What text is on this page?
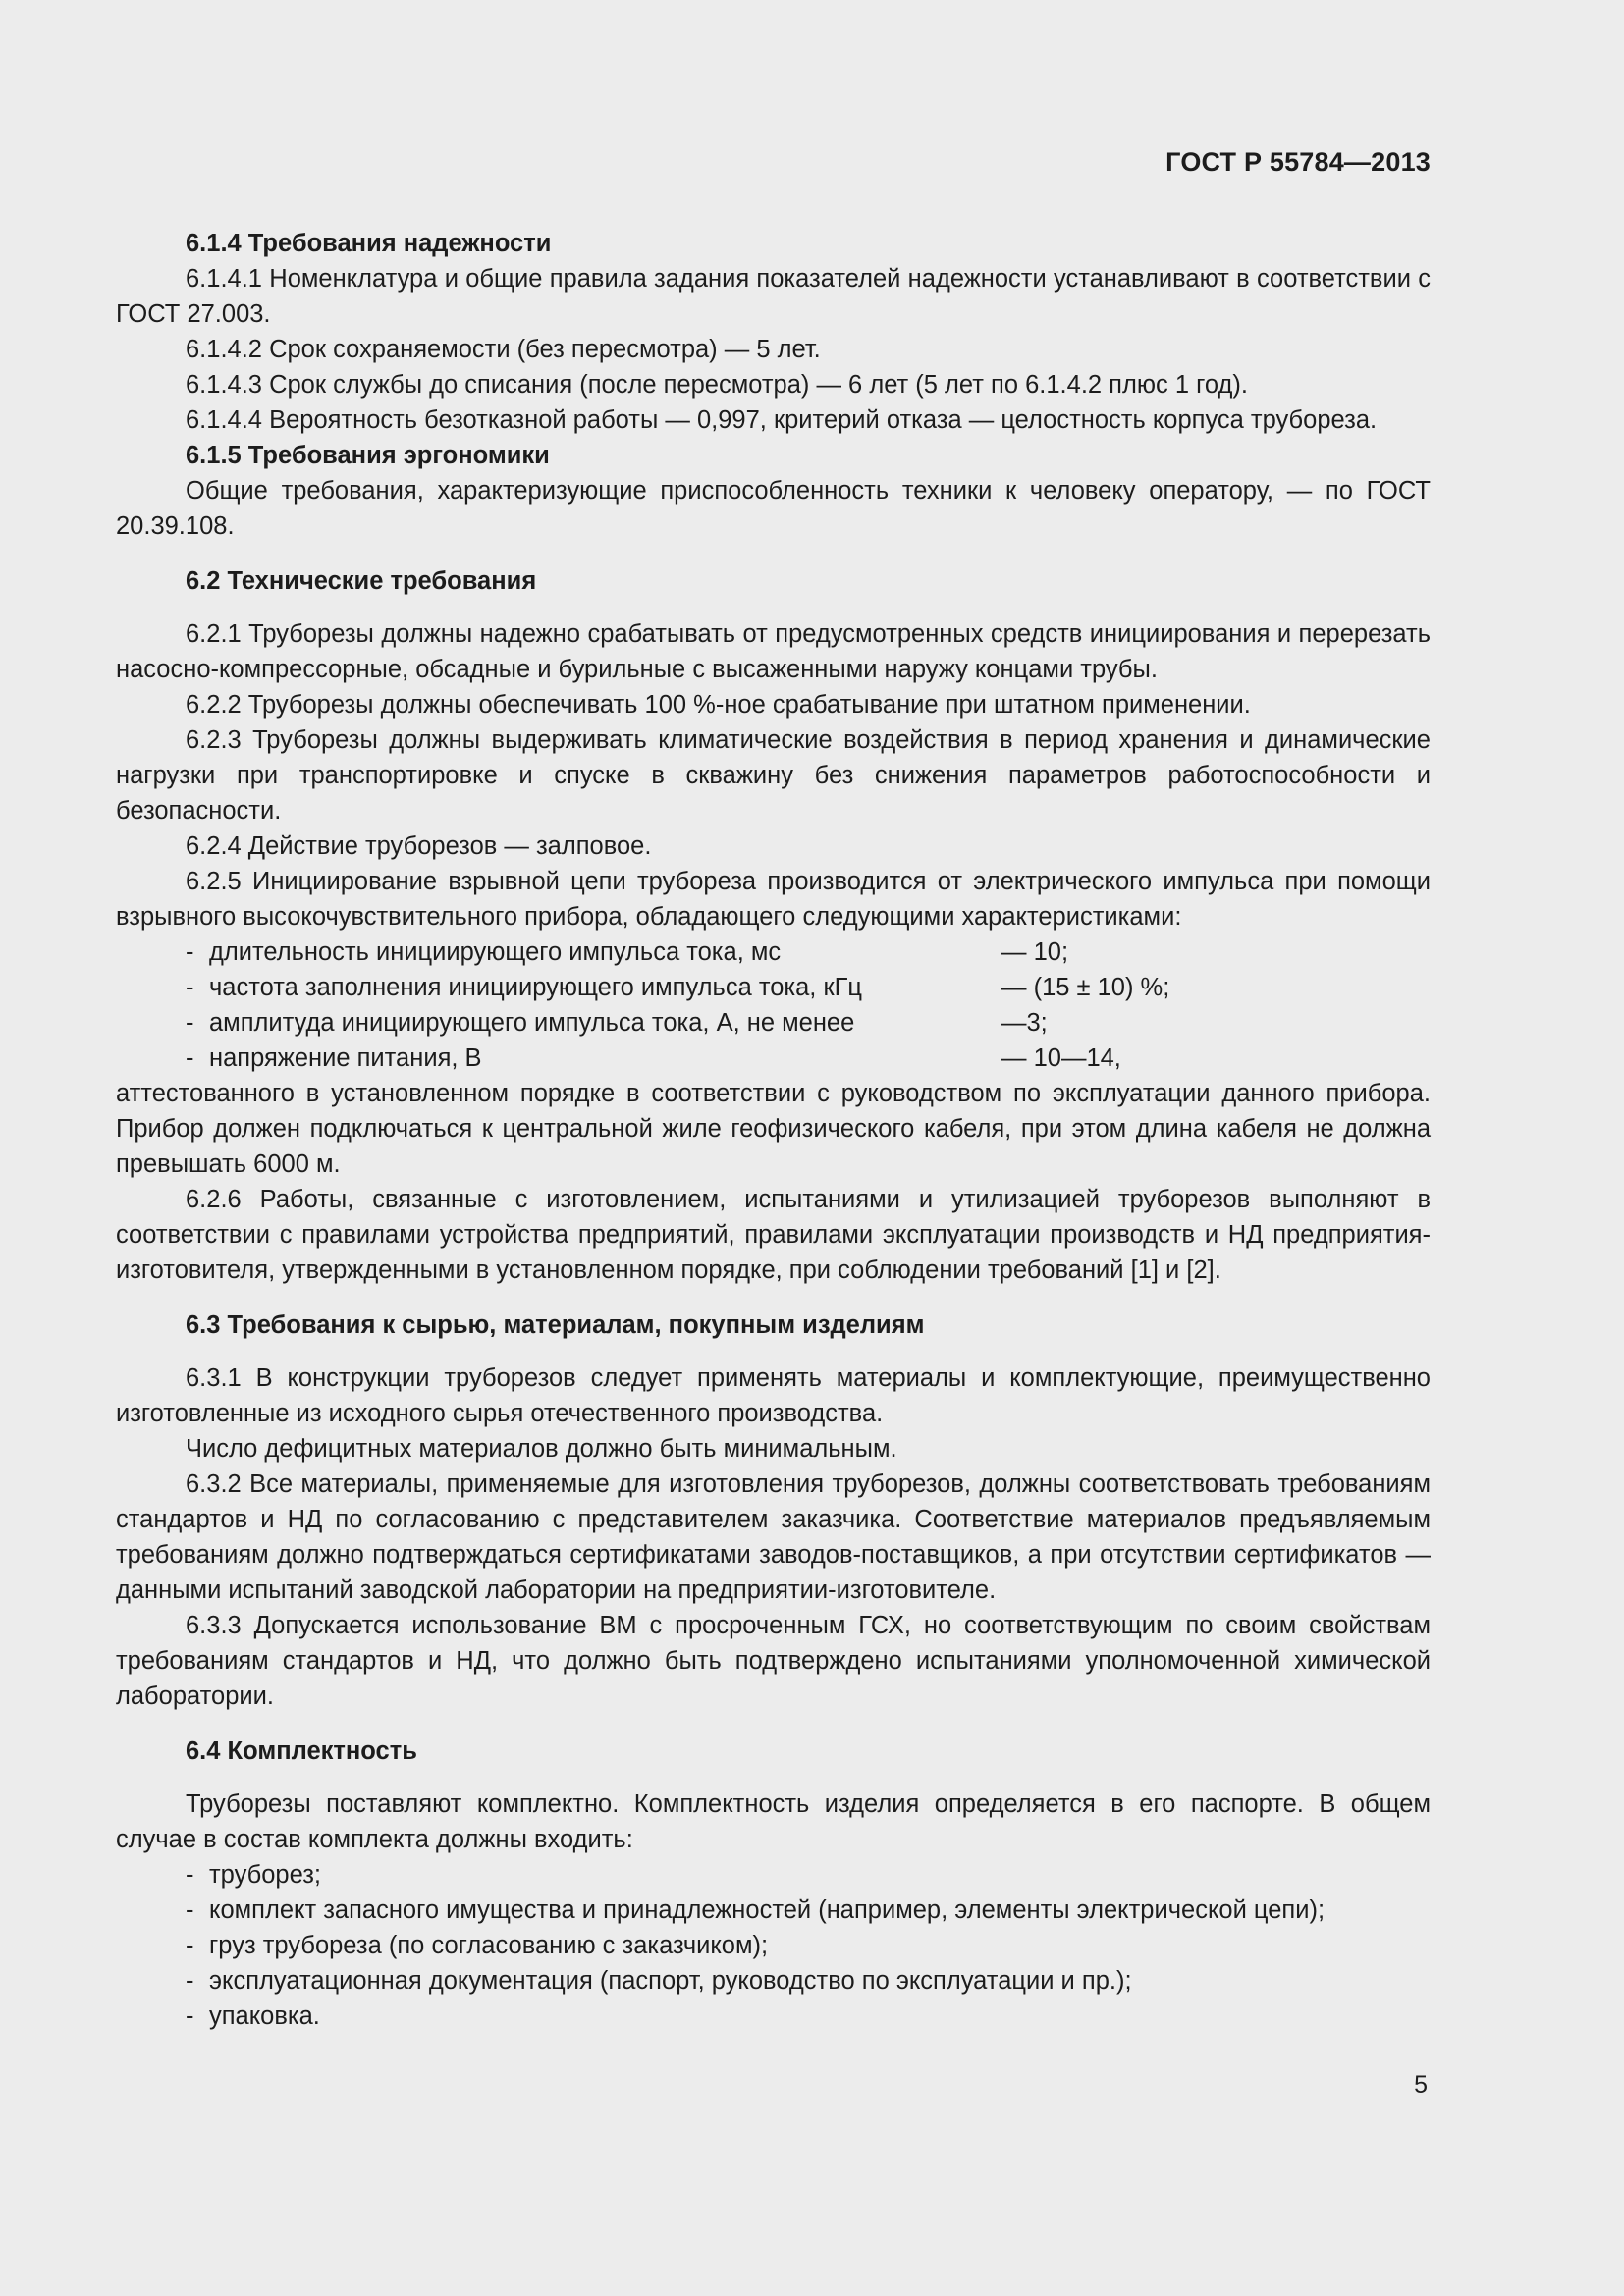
ГОСТ Р 55784—2013
6.1.4 Требования надежности

6.1.4.1 Номенклатура и общие правила задания показателей надежности устанавливают в соответствии с ГОСТ 27.003.

6.1.4.2 Срок сохраняемости (без пересмотра) — 5 лет.

6.1.4.3 Срок службы до списания (после пересмотра) — 6 лет (5 лет по 6.1.4.2 плюс 1 год).

6.1.4.4 Вероятность безотказной работы — 0,997, критерий отказа — целостность корпуса труборезa.

6.1.5 Требования эргономики

Общие требования, характеризующие приспособленность техники к человеку оператору, — по ГОСТ 20.39.108.

6.2 Технические требования

6.2.1 Труборезы должны надежно срабатывать от предусмотренных средств инициирования и перерезать насосно-компрессорные, обсадные и бурильные с высаженными наружу концами трубы.

6.2.2 Труборезы должны обеспечивать 100 %-ное срабатывание при штатном применении.

6.2.3 Труборезы должны выдерживать климатические воздействия в период хранения и динамические нагрузки при транспортировке и спуске в скважину без снижения параметров работоспособности и безопасности.

6.2.4 Действие труборезов — залповое.

6.2.5 Инициирование взрывной цепи трубореза производится от электрического импульса при помощи взрывного высокочувствительного прибора, обладающего следующими характеристиками:

- длительность инициирующего импульса тока, мс	— 10;
- частота заполнения инициирующего импульса тока, кГц	— (15 ± 10) %;
- амплитуда инициирующего импульса тока, А, не менее	—3;
- напряжение питания, В	— 10—14,

аттестованного в установленном порядке в соответствии с руководством по эксплуатации данного прибора. Прибор должен подключаться к центральной жиле геофизического кабеля, при этом длина кабеля не должна превышать 6000 м.

6.2.6 Работы, связанные с изготовлением, испытаниями и утилизацией труборезов выполняют в соответствии с правилами устройства предприятий, правилами эксплуатации производств и НД предприятия-изготовителя, утвержденными в установленном порядке, при соблюдении требований [1] и [2].

6.3 Требования к сырью, материалам, покупным изделиям

6.3.1 В конструкции труборезов следует применять материалы и комплектующие, преимущественно изготовленные из исходного сырья отечественного производства.

Число дефицитных материалов должно быть минимальным.

6.3.2 Все материалы, применяемые для изготовления труборезов, должны соответствовать требованиям стандартов и НД по согласованию с представителем заказчика. Соответствие материалов предъявляемым требованиям должно подтверждаться сертификатами заводов-поставщиков, а при отсутствии сертификатов — данными испытаний заводской лаборатории на предприятии-изготовителе.

6.3.3 Допускается использование ВМ с просроченным ГСХ, но соответствующим по своим свойствам требованиям стандартов и НД, что должно быть подтверждено испытаниями уполномоченной химической лаборатории.

6.4 Комплектность

Труборезы поставляют комплектно. Комплектность изделия определяется в его паспорте. В общем случае в состав комплекта должны входить:

- труборез;
- комплект запасного имущества и принадлежностей (например, элементы электрической цепи);
- груз трубореза (по согласованию с заказчиком);
- эксплуатационная документация (паспорт, руководство по эксплуатации и пр.);
- упаковка.
5
